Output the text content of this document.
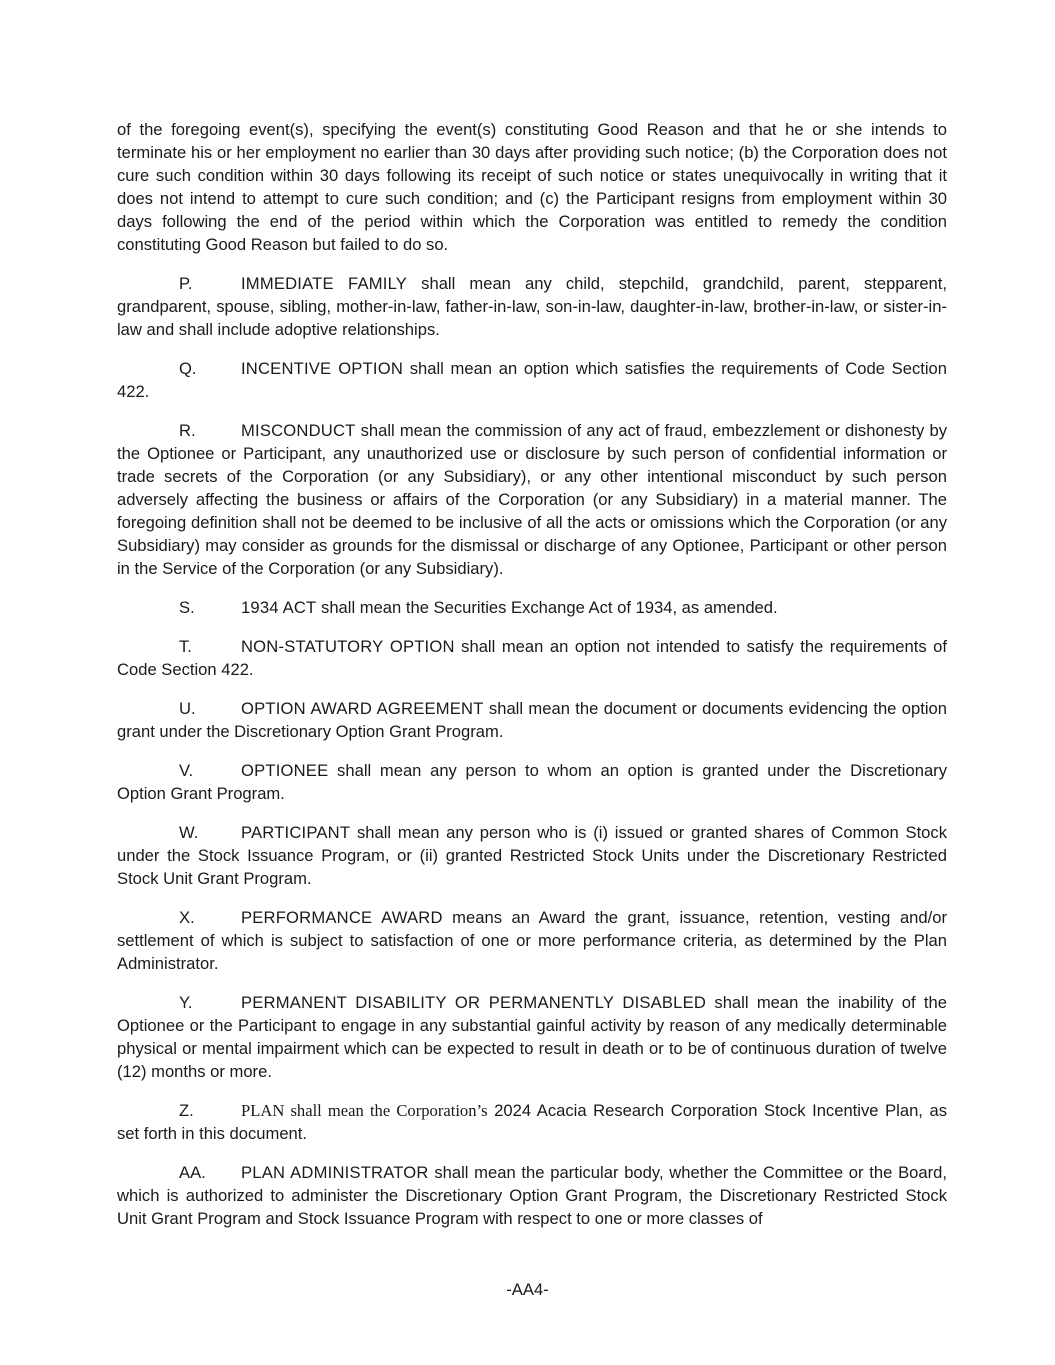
of the foregoing event(s), specifying the event(s) constituting Good Reason and that he or she intends to terminate his or her employment no earlier than 30 days after providing such notice; (b) the Corporation does not cure such condition within 30 days following its receipt of such notice or states unequivocally in writing that it does not intend to attempt to cure such condition; and (c) the Participant resigns from employment within 30 days following the end of the period within which the Corporation was entitled to remedy the condition constituting Good Reason but failed to do so.

P.	IMMEDIATE FAMILY shall mean any child, stepchild, grandchild, parent, stepparent, grandparent, spouse, sibling, mother-in-law, father-in-law, son-in-law, daughter-in-law, brother-in-law, or sister-in-law and shall include adoptive relationships.

Q.	INCENTIVE OPTION shall mean an option which satisfies the requirements of Code Section 422.

R.	MISCONDUCT shall mean the commission of any act of fraud, embezzlement or dishonesty by the Optionee or Participant, any unauthorized use or disclosure by such person of confidential information or trade secrets of the Corporation (or any Subsidiary), or any other intentional misconduct by such person adversely affecting the business or affairs of the Corporation (or any Subsidiary) in a material manner. The foregoing definition shall not be deemed to be inclusive of all the acts or omissions which the Corporation (or any Subsidiary) may consider as grounds for the dismissal or discharge of any Optionee, Participant or other person in the Service of the Corporation (or any Subsidiary).

S.	1934 ACT shall mean the Securities Exchange Act of 1934, as amended.

T.	NON-STATUTORY OPTION shall mean an option not intended to satisfy the requirements of Code Section 422.

U.	OPTION AWARD AGREEMENT shall mean the document or documents evidencing the option grant under the Discretionary Option Grant Program.

V.	OPTIONEE shall mean any person to whom an option is granted under the Discretionary Option Grant Program.

W.	PARTICIPANT shall mean any person who is (i) issued or granted shares of Common Stock under the Stock Issuance Program, or (ii) granted Restricted Stock Units under the Discretionary Restricted Stock Unit Grant Program.

X.	PERFORMANCE AWARD means an Award the grant, issuance, retention, vesting and/or settlement of which is subject to satisfaction of one or more performance criteria, as determined by the Plan Administrator.

Y.	PERMANENT DISABILITY OR PERMANENTLY DISABLED shall mean the inability of the Optionee or the Participant to engage in any substantial gainful activity by reason of any medically determinable physical or mental impairment which can be expected to result in death or to be of continuous duration of twelve (12) months or more.

Z.	PLAN shall mean the Corporation’s 2024 Acacia Research Corporation Stock Incentive Plan, as set forth in this document.

AA. PLAN ADMINISTRATOR shall mean the particular body, whether the Committee or the Board, which is authorized to administer the Discretionary Option Grant Program, the Discretionary Restricted Stock Unit Grant Program and Stock Issuance Program with respect to one or more classes of

-AA4-
